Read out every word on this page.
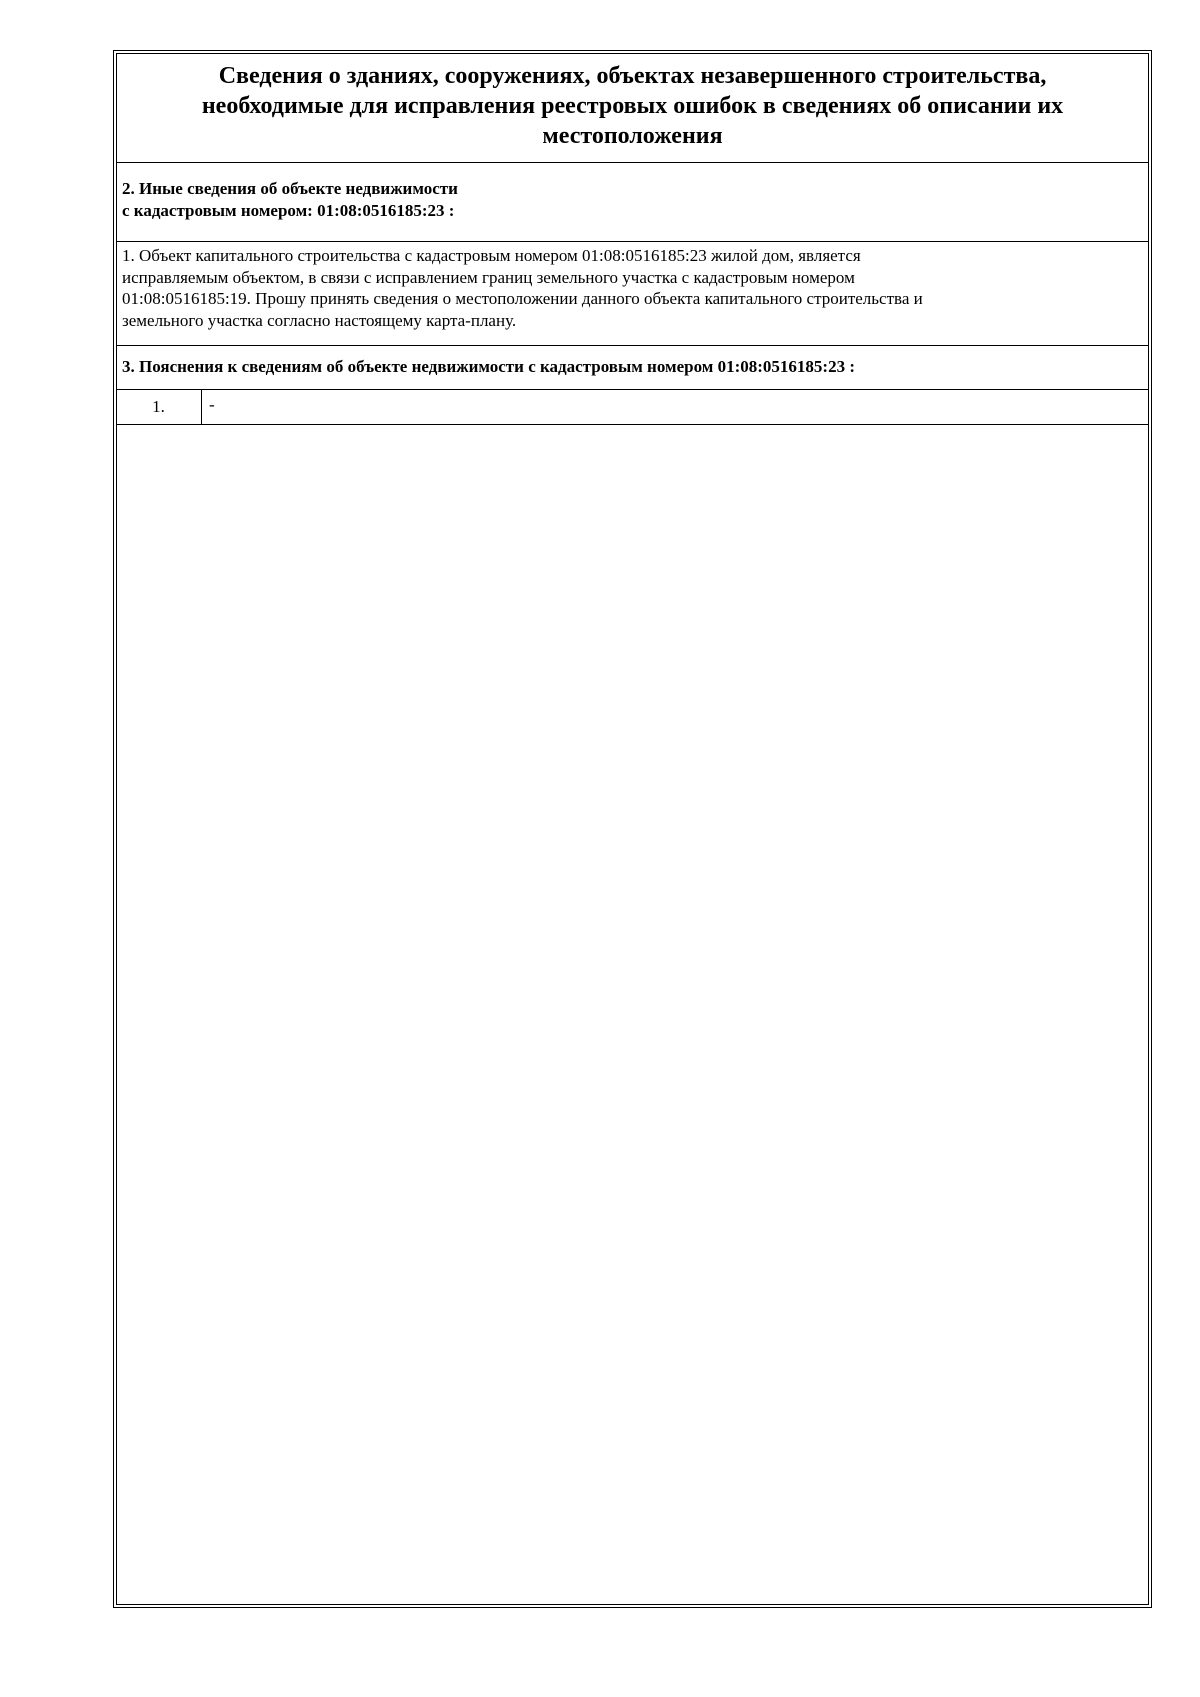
Сведения о зданиях, сооружениях, объектах незавершенного строительства,
необходимые для исправления реестровых ошибок в сведениях об описании их
местоположения
2. Иные сведения об объекте недвижимости
с кадастровым номером: 01:08:0516185:23 :
1. Объект капитального строительства с кадастровым номером 01:08:0516185:23 жилой дом, является
исправляемым объектом, в связи с исправлением границ земельного участка с кадастровым номером
01:08:0516185:19. Прошу принять сведения о местоположении данного объекта капитального строительства и
земельного участка согласно настоящему карта-плану.
3. Пояснения к сведениям об объекте недвижимости с кадастровым номером 01:08:0516185:23 :
1.	-
